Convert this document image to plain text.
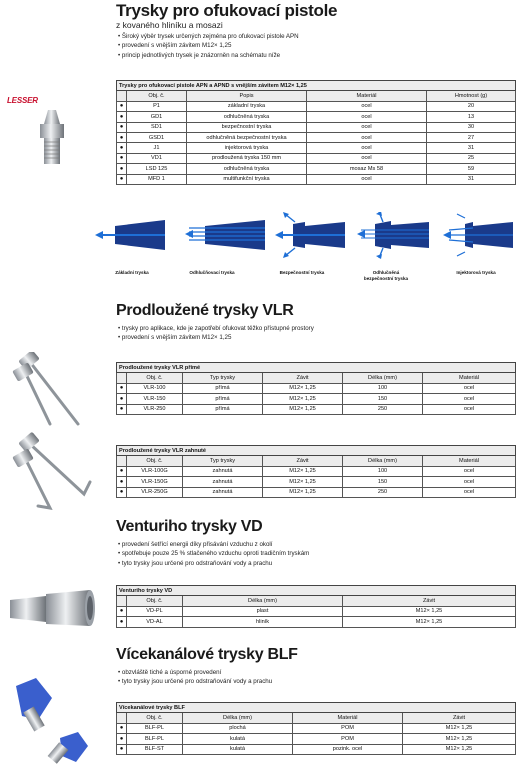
Trysky pro ofukovací pistole
z kovaného hliníku a mosazi
• Široký výběr trysek určených zejména pro ofukovací pistole APN
• provedení s vnějším závitem M12× 1,25
• princip jednotlivých trysek je znázorněn na schématu níže
LESSER
Trysky pro ofukovací pistole APN a APND s vnějším závitem M12× 1,25				
	Obj. č.	Popis	Materiál	Hmotnost (g)
●	P1	základní tryska	ocel	20
●	GD1	odhlučněná tryska	ocel	13
●	SD1	bezpečnostní tryska	ocel	30
●	GSD1	odhlučněná bezpečnostní tryska	ocel	27
●	J1	injektorová tryska	ocel	31
●	VD1	prodloužená tryska 150 mm	ocel	25
●	LSD 125	odhlučněná tryska	mosaz Ms 58	59
●	MFD 1	multifunkční tryska	ocel	31
Základní tryska	Odhlučňovací tryska	Bezpečnostní tryska	Odhlučněná
bezpečnostní tryska
Injektorová tryska
Prodloužené trysky VLR
• trysky pro aplikace, kde je zapotřebí ofukovat těžko přístupné prostory
• provedení s vnějším závitem M12× 1,25
Prodloužené trysky VLR přímé					
	Obj. č.	Typ trysky	Závit	Délka (mm)	Materiál
●	VLR-100	přímá	M12× 1,25	100	ocel
●	VLR-150	přímá	M12× 1,25	150	ocel
●	VLR-250	přímá	M12× 1,25	250	ocel
Prodloužené trysky VLR zahnuté					
	Obj. č.	Typ trysky	Závit	Délka (mm)	Materiál
●	VLR-100G	zahnutá	M12× 1,25	100	ocel
●	VLR-150G	zahnutá	M12× 1,25	150	ocel
●	VLR-250G	zahnutá	M12× 1,25	250	ocel
Venturiho trysky VD
• provedení šetřící energii díky přisávání vzduchu z okolí
• spotřebuje pouze 25 % stlačeného vzduchu oproti tradičním tryskám
• tyto trysky jsou určené pro odstraňování vody a prachu
Venturiho trysky VD			
	Obj. č.	Délka (mm)	Závit
●	VD-PL	plast	M12× 1,25
●	VD-AL	hliník	M12× 1,25
Vícekanálové trysky BLF
• obzvláště tiché a úsporné provedení
• tyto trysky jsou určené pro odstraňování vody a prachu
Vícekanálové trysky BLF				
	Obj. č.	Délka (mm)	Materiál	Závit
●	BLF-PL	plochá	POM	M12× 1,25
●	BLF-PL	kulatá	POM	M12× 1,25
●	BLF-ST	kulatá	pozink. ocel	M12× 1,25
